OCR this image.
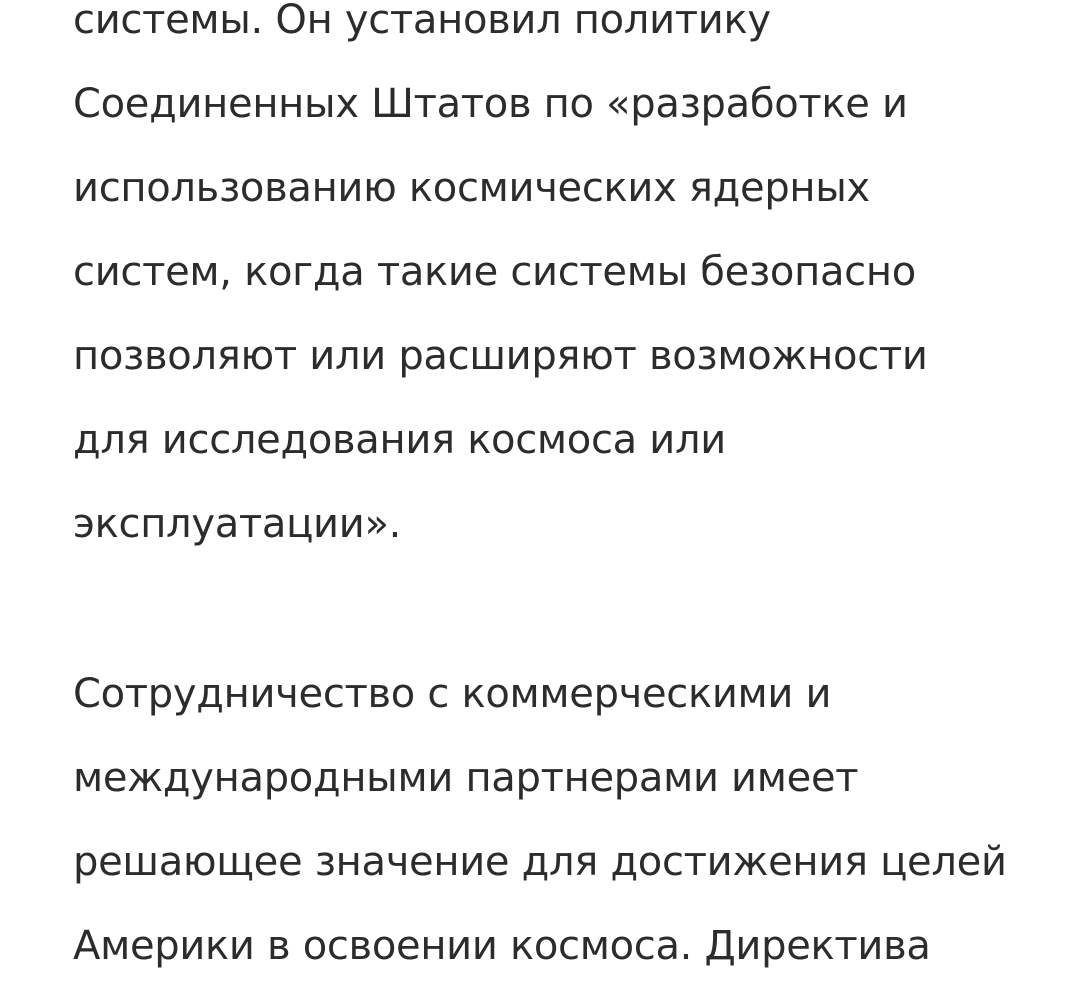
системы. Он установил политику
Соединенных Штатов по «разработке и
использованию космических ядерных
систем, когда такие системы безопасно
позволяют или расширяют возможности
для исследования космоса или
эксплуатации».

Сотрудничество с коммерческими и
международными партнерами имеет
решающее значение для достижения целей
Америки в освоении космоса. Директива
